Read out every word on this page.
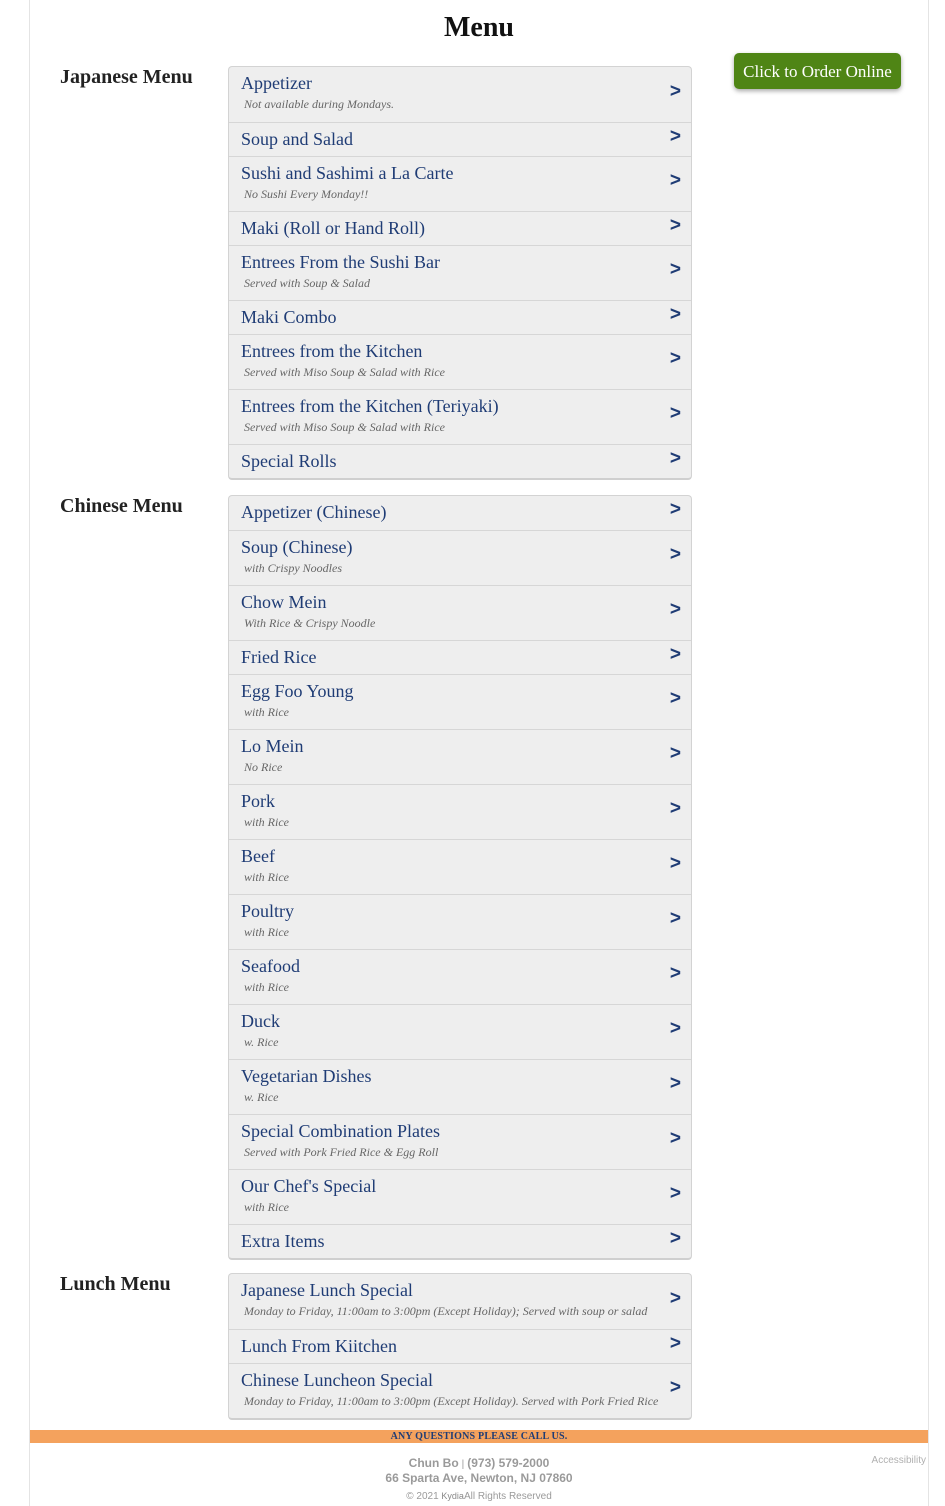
Menu
Click to Order Online
Japanese Menu	Appetizer
Not available during Mondays.
>
Soup and Salad	>
Sushi and Sashimi a La Carte
No Sushi Every Monday!!
>
Maki (Roll or Hand Roll)	>
Entrees From the Sushi Bar
Served with Soup & Salad
>
Maki Combo	>
Entrees from the Kitchen
Served with Miso Soup & Salad with Rice
>
Entrees from the Kitchen (Teriyaki)
Served with Miso Soup & Salad with Rice
>
Special Rolls	>
Chinese Menu	Appetizer (Chinese)	>
Soup (Chinese)
with Crispy Noodles
>
Chow Mein
With Rice & Crispy Noodle
>
Fried Rice	>
Egg Foo Young
with Rice
>
Lo Mein
No Rice
>
Pork
with Rice
>
Beef
with Rice
>
Poultry
with Rice
>
Seafood
with Rice
>
Duck
w. Rice
>
Vegetarian Dishes
w. Rice
>
Special Combination Plates
Served with Pork Fried Rice & Egg Roll
>
Our Chef's Special
with Rice
>
Extra Items	>
Lunch Menu	Japanese Lunch Special
Monday to Friday, 11:00am to 3:00pm (Except Holiday); Served with soup or salad
>
Lunch From Kiitchen	>
Chinese Luncheon Special
Monday to Friday, 11:00am to 3:00pm (Except Holiday). Served with Pork Fried Rice
>
ANY QUESTIONS PLEASE CALL US.
Chun Bo | (973) 579-2000
66 Sparta Ave, Newton, NJ 07860
© 2021 KydiaAll Rights Reserved
Accessibility
